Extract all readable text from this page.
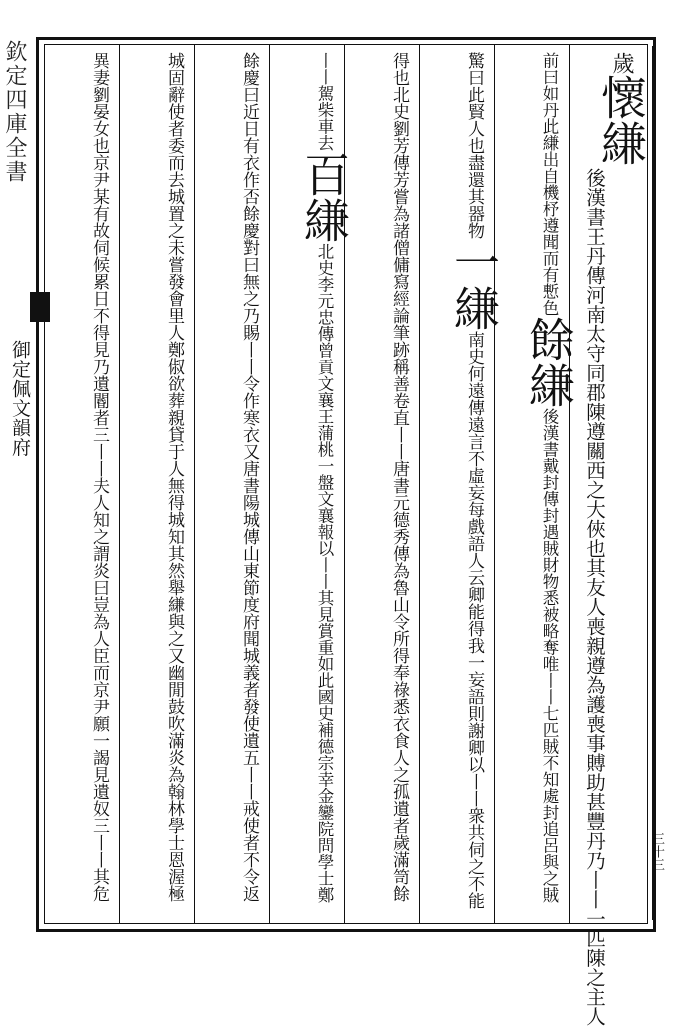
欽定四庫全書
御定佩文韻府
歲懷縑
後漢書王丹傳河南太守同郡陳遵關西之大俠也其友人喪親遵為護喪事賻助甚豐丹乃丨丨一匹陳之主人
前曰如丹此縑出自機杼遵聞而有慙色餘縑後漢書戴封傳封遇賊財物悉被略奪唯丨丨七匹賊不知處封追呂與之賊
驚曰此賢人也盡還其器物一縑南史何遠傳遠言不虛妄每戲語人云卿能得我一妄語則謝卿以丨丨衆共伺之不能
得也北史劉芳傳芳嘗為諸僧傭寫經論筆跡稱善卷直丨丨唐書元德秀傳為魯山令所得奉祿悉衣食人之孤遺者歲滿笥餘
丨丨駕柴車去百縑北史李元忠傳曾貢文襄王蒲桃一盤文襄報以丨丨其見賞重如此國史補德宗幸金鑾院問學士鄭
餘慶曰近日有衣作否餘慶對曰無之乃賜丨丨令作寒衣又唐書陽城傳山東節度府聞城義者發使遺五丨丨戒使者不令返
城固辭使者委而去城置之未嘗發會里人鄭俶欲葬親貸于人無得城知其然舉縑與之又幽閒鼓吹滿炎為翰林學士恩渥極
異妻劉晏女也京尹某有故伺候累日不得見乃遺閽者三丨丨夫人知之謂炎曰豈為人臣而京尹願一謁見遺奴三丨丨其危	三十三
